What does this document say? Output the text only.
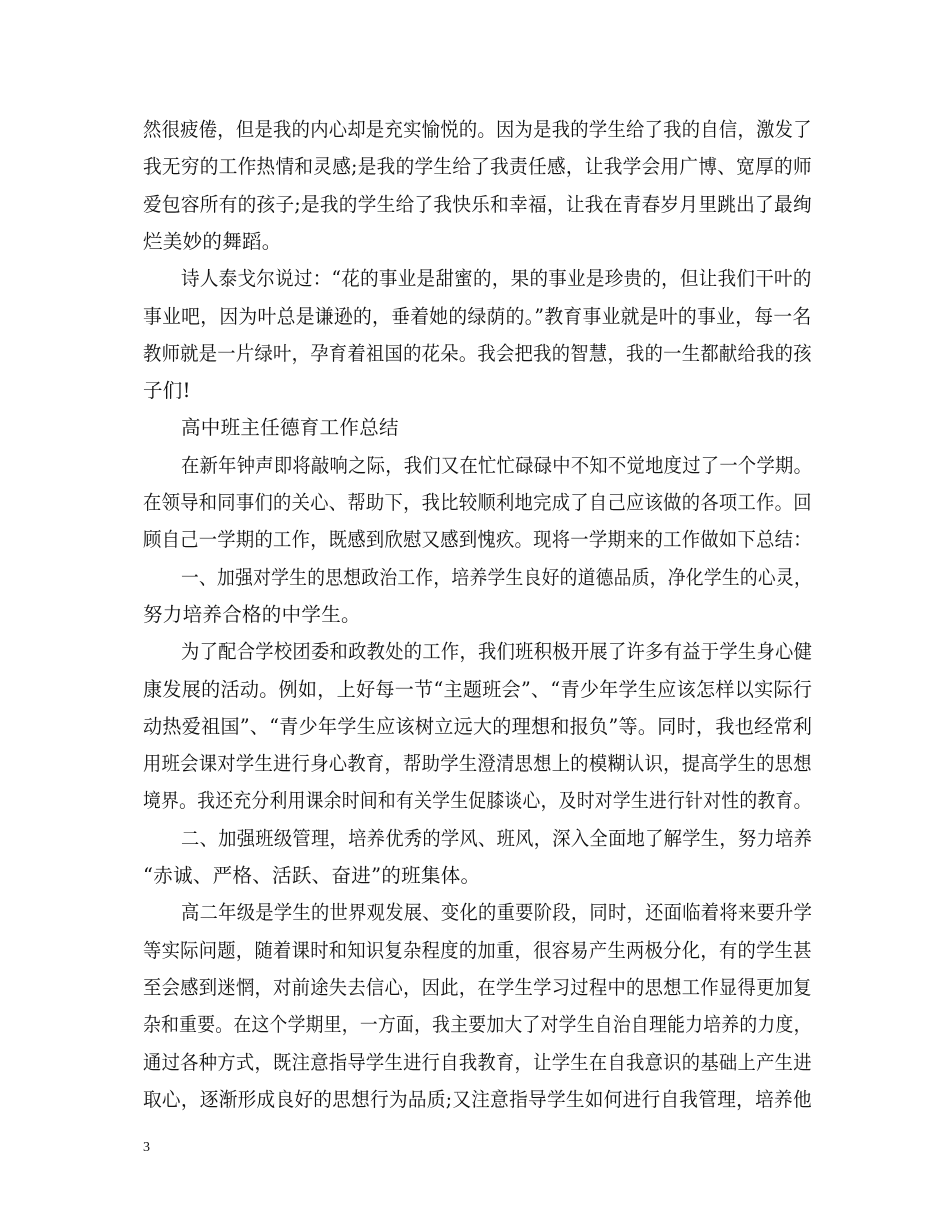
然很疲倦，但是我的内心却是充实愉悦的。因为是我的学生给了我的自信，激发了
我无穷的工作热情和灵感;是我的学生给了我责任感，让我学会用广博、宽厚的师
爱包容所有的孩子;是我的学生给了我快乐和幸福，让我在青春岁月里跳出了最绚
烂美妙的舞蹈。
诗人泰戈尔说过：“花的事业是甜蜜的，果的事业是珍贵的，但让我们干叶的
事业吧，因为叶总是谦逊的，垂着她的绿荫的。”教育事业就是叶的事业，每一名
教师就是一片绿叶，孕育着祖国的花朵。我会把我的智慧，我的一生都献给我的孩
子们!
高中班主任德育工作总结
在新年钟声即将敲响之际，我们又在忙忙碌碌中不知不觉地度过了一个学期。
在领导和同事们的关心、帮助下，我比较顺利地完成了自己应该做的各项工作。回
顾自己一学期的工作，既感到欣慰又感到愧疚。现将一学期来的工作做如下总结：
一、加强对学生的思想政治工作，培养学生良好的道德品质，净化学生的心灵，
努力培养合格的中学生。
为了配合学校团委和政教处的工作，我们班积极开展了许多有益于学生身心健
康发展的活动。例如，上好每一节“主题班会”、“青少年学生应该怎样以实际行
动热爱祖国”、“青少年学生应该树立远大的理想和报负”等。同时，我也经常利
用班会课对学生进行身心教育，帮助学生澄清思想上的模糊认识，提高学生的思想
境界。我还充分利用课余时间和有关学生促膝谈心，及时对学生进行针对性的教育。
二、加强班级管理，培养优秀的学风、班风，深入全面地了解学生，努力培养
“赤诚、严格、活跃、奋进”的班集体。
高二年级是学生的世界观发展、变化的重要阶段，同时，还面临着将来要升学
等实际问题，随着课时和知识复杂程度的加重，很容易产生两极分化，有的学生甚
至会感到迷惘，对前途失去信心，因此，在学生学习过程中的思想工作显得更加复
杂和重要。在这个学期里，一方面，我主要加大了对学生自治自理能力培养的力度，
通过各种方式，既注意指导学生进行自我教育，让学生在自我意识的基础上产生进
取心，逐渐形成良好的思想行为品质;又注意指导学生如何进行自我管理，培养他
3
